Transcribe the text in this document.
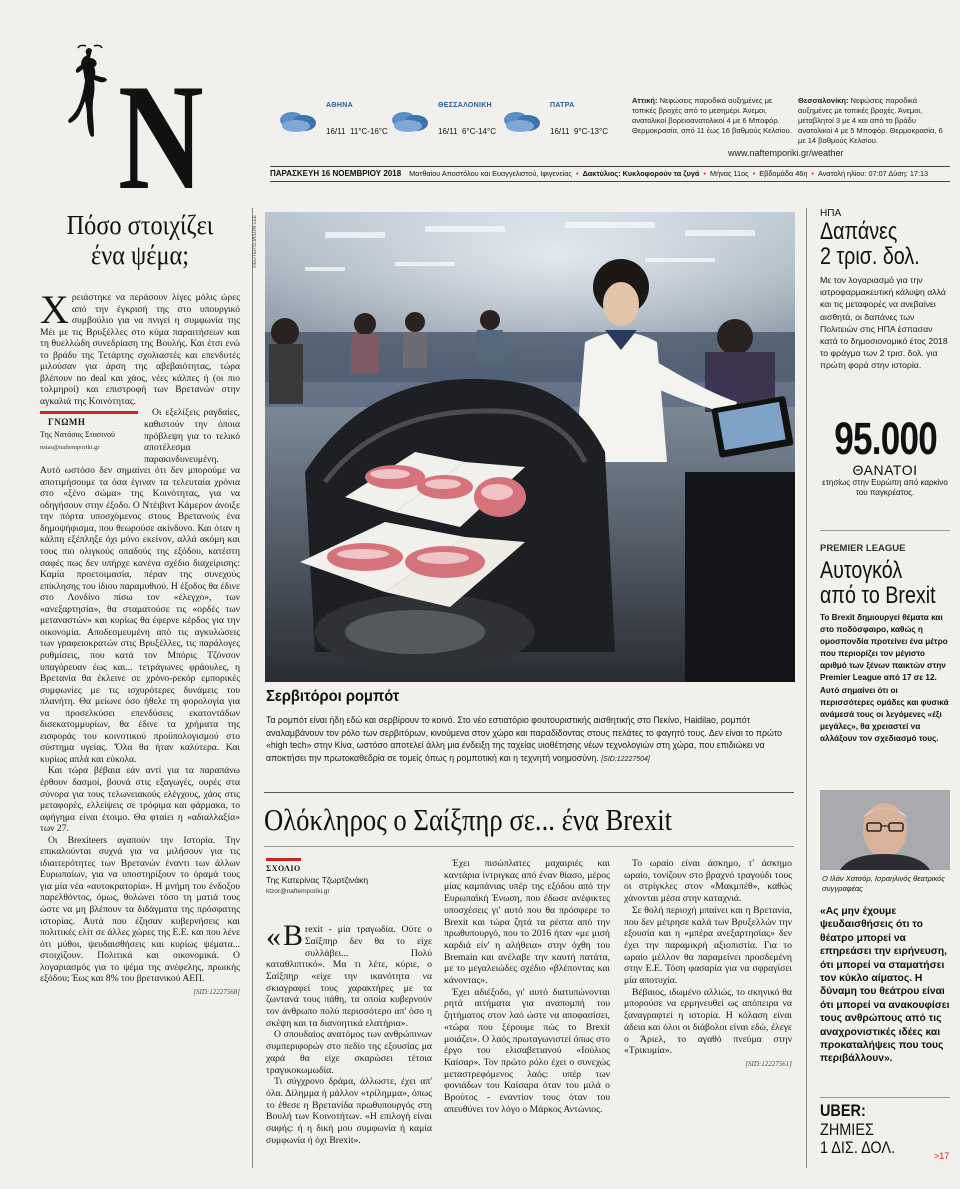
N	ΑΘΗΝΑ
16/11 11°C-16°C
ΘΕΣΣΑΛΟΝΙΚΗ
16/11 6°C-14°C
ΠΑΤΡΑ
16/11 9°C-13°C
Αττική: Νεφώσεις παροδικά αυξημένες με τοπικές βροχές από το μεσημέρι. Άνεμοι, ανατολικοί βορειοανατολικοί 4 με 6 Μποφόρ. Θερμοκρασία, από 11 έως 16 βαθμούς Κελσίου.
Θεσσαλονίκη: Νεφώσεις παροδικά αυξημένες με τοπικές βροχές. Άνεμοι, μεταβλητοί 3 με 4 και από το βράδυ ανατολικοί 4 με 5 Μποφόρ. Θερμοκρασία, 6 με 14 βαθμούς Κελσίου.
www.naftemporiki.gr/weather
ΠΑΡΑΣΚΕΥΗ 16 ΝΟΕΜΒΡΙΟΥ 2018 Ματθαίου Αποστόλου και Ευαγγελιστού, Ιφιγενείας • Δακτύλιος: Κυκλοφορούν τα ζυγά • Μήνας 11ος • Εβδομάδα 46η • Ανατολή ηλίου: 07:07 Δύση: 17:13
Πόσο στοιχίζει ένα ψέμα;
Χ ρειάστηκε να περάσουν λίγες μόλις ώρες από την έγκρισή της στο υπουργικό συμβούλιο για να πνιγεί η συμφωνία της Μέι με τις Βρυξέλλες στο κύμα παραιτήσεων και τη θυελλώδη συνεδρίαση της Βουλής. Και έτσι ενώ το βράδυ της Τετάρτης σχολιαστές και επενδυτές μιλούσαν για άρση της αβεβαιότητας, τώρα βλέπουν no deal και χάος, νέες κάλπες ή (οι πιο τολμηροί) και επιστροφή των Βρετανών στην αγκαλιά της Κοινότητας.

ΓΝΩΜΗ
Της Νατάσας Στασινού
nstas@naftemporiki.gr
Οι εξελίξεις ραγδαίες, καθιστούν την όποια πρόβλεψη για το τελικό αποτέλεσμα παρακινδυνευμένη. Αυτό ωστόσο δεν σημαίνει ότι δεν μπορούμε να αποτιμήσουμε τα όσα έγιναν τα τελευταία χρόνια στο «ξένο σώμα» της Κοινότητας, για να οδηγήσουν στην έξοδο. Ο Ντέιβιντ Κάμερον άνοιξε την πόρτα υποσχόμενος στους Βρετανούς ένα δημοψήφισμα, που θεωρούσε ακίνδυνο. Και όταν η κάλπη εξέπληξε όχι μόνο εκείνον, αλλά ακόμη και τους πιο ολιγκούς οπαδούς της εξόδου, κατέστη σαφές πως δεν υπήρχε κανένα σχέδιο διαχείρισης: Καμία προετοιμασία, πέραν της συνεχούς επίκλησης του ίδιου παραμυθιού. Η έξοδος θα έδινε στο Λονδίνο πίσω τον «έλεγχο», των «ανεξαρτησία», θα σταματούσε τις «ορδές των μεταναστών» και κυρίως θα έφερνε κέρδος για την οικονομία. Αποδεσμευμένη από τις αγκυλώσεις των γραφειοκρατών στις Βρυξέλλες, τις παράλογες ρυθμίσεις, που κατά τον Μπόρις Τζόνσον υπαγόρευαν έως και... τετράγωνες φράουλες, η Βρετανία θα έκλεινε σε χρόνο-ρεκόρ εμπορικές συμφωνίες με τις ισχυρότερες δυνάμεις του πλανήτη. Θα μείωνε όσο ήθελε τη φορολογία για να προσελκύσει επενδύσεις εκατοντάδων δισεκατομμυρίων, θα έδινε τα χρήματα της εισφοράς του κοινοτικού προϋπολογισμού στο σύστημα υγείας. 'Όλα θα ήταν καλύτερα. Και κυρίως απλά και εύκολα.

Και τώρα βέβαια εάν αντί για τα παραπάνω έρθουν δασμοί, βουνά στις εξαγωγές, ουρές στα σύνορα για τους τελωνειακούς ελέγχους, χάος στις μεταφορές, ελλείψεις σε τρόφιμα και φάρμακα, το αφήγημα είναι έτοιμο. Θα φταίει η «αδιαλλαξία» των 27.

Οι Brexiteers αγαπούν την Ιστορία. Την επικαλούνται συχνά για να μιλήσουν για τις ιδιαιτερότητες των Βρετανών έναντι των άλλων Ευρωπαίων, για να υποστηρίξουν το όραμά τους για μία νέα «αυτοκρατορία». Η μνήμη του ένδοξου παρελθόντος, όμως, θολώνει τόσο τη ματιά τους ώστε να μη βλέπουν τα διδάγματα της πρόσφατης ιστορίας. Αυτά που έζησαν κυβερνήσεις και πολιτικές ελίτ σε άλλες χώρες της Ε.Ε. και που λένε ότι μύθοι, ψευδαισθήσεις και κυρίως ψέματα... στοιχίζουν. Πολιτικά και οικονομικά. Ο λογαριασμός για το ψέμα της ανέφελης, πρωικής εξόδου; Έως και 8% του βρετανικού ΑΕΠ.

[SID:12227568]
REUTERS/JASON LEE
Σερβιτόροι ρομπότ
Τα ρομπότ είναι ήδη εδώ και σερβίρουν το κοινό. Στο νέο εστιατόριο φουτουριστικής αισθητικής στο Πεκίνο, Haidilao, ρομπότ αναλαμβάνουν τον ρόλο των σερβιτόρων, κινούμενα στον χώρο και παραδίδοντας στους πελάτες το φαγητό τους. Δεν είναι το πρώτο «high tech» στην Κίνα, ωστόσο αποτελεί άλλη μια ένδειξη της ταχείας υιοθέτησης νέων τεχνολογιών στη χώρα, που επιδιώκει να αποκτήσει την πρωτοκαθεδρία σε τομείς όπως η ρομποτική και η τεχνητή νοημοσύνη. [SID:12227504]
Ολόκληρος ο Σαίξπηρ σε... ένα Brexit
ΣΧΟΛΙΟ
Της Κατερίνας Τζωρτζινάκη
ktzor@naftemporiki.gr

« Β rexit - μία τραγωδία. Ούτε ο Σαίξπηρ δεν θα το είχε συλλάβει... Πολύ καταθλιπτικό». Μα τι λέτε, κύριε, ο Σαίξπηρ «είχε την ικανότητα να σκιαγραφεί τους χαρακτήρες με τα ζωντανά τους πάθη, τα οποία κυβερνούν τον άνθρωπο πολύ περισσότερο απ' όσο η σκέψη και τα διανοητικά ελατήρια».

Ο σπουδαίος ανατόμος των ανθρώπινων συμπεριφορών στο πεδίο της εξουσίας μα χαρά θα είχε σκαρώσει τέτοια τραγικοκωμωδία.

Τι σύγχρονο δράμα, άλλωστε, έχει απ' όλα. Δίλημμα ή μάλλον «τρίλημμα», όπως το έθεσε η Βρετανίδα πρωθυπουργός στη Βουλή των Κοινοτήτων. «Η επιλογή είναι σαφής: ή η δική μου συμφωνία ή καμία συμφωνία ή όχι Brexit».

Έχει πισώπλατες μαχαιριές και καντάρια ίντριγκας από έναν θίασο, μέρος μίας καμπάνιας υπέρ της εξόδου από την Ευρωπαϊκή Ένωση, που έδωσε ανέφικτες υποσχέσεις γι' αυτό που θα πρόσφερε το Brexit και τώρα ζητά τα ρέστα από την πρωθυπουργό, που το 2016 ήταν «με μισή καρδιά είν' η αλήθεια» στην όχθη του Bremain και ανέλαβε την καυτή πατάτα, με το μεγαλειώδες σχέδιο «βλέποντας και κάνοντας».

Έχει αδιέξοδο, γι' αυτό διατυπώνονται ρητά αιτήματα για αναπομπή του ζητήματος στον λαό ώστε να αποφασίσει, «τώρα που ξέρουμε πώς το Brexit μοιάζει». Ο λαός πρωταγωνιστεί όπως στο έργο του ελισαβετιανού «Ιούλιος Καίσαρ». Τον πρώτο ρόλο έχει ο συνεχώς μεταστρεφόμενος λαός: υπέρ των φονιάδων του Καίσαρα όταν του μιλά ο Βρούτος - εναντίον τους όταν του απευθύνει τον λόγο ο Μάρκος Αντώνιος.

Το ωραίο είναι άσκημο, τ' άσκημο ωραίο, τονίζουν στο βραχνό τραγούδι τους οι στρίγκλες στον «Μακμπέθ», καθώς χάνονται μέσα στην καταχνιά.

Σε θολή περιοχή μπαίνει και η Βρετανία, που δεν μέτρησε καλά των Βρυξελλών την εξουσία και η «μπέρα ανεξαρτησίας» δεν έχει την παραμικρή αξιοπιστία. Για το ωραίο μέλλον θα παραμείνει προσδεμένη στην Ε.Ε. Τόση φασαρία για να σφραγίσει μία αποτυχία.

Βέβαιος, ιδωμένο αλλιώς, το σκηνικό θα μπορούσε να ερμηνευθεί ως απόπειρα να ξαναγραφτεί η ιστορία. Η κόλαση είναι άδεια και όλοι οι διάβολοι είναι εδώ, έλεγε ο Άριελ, το αγαθό πνεύμα στην «Τρικυμία».

[SID:12227561]
ΗΠΑ
Δαπάνες
2 τρισ. δολ.
Με τον λογαριασμό για την ιατροφαρμακευτική κάλυψη αλλά και τις μεταφορές να ανεβαίνει αισθητά, οι δαπάνες των Πολιτειών στις ΗΠΑ έσπασαν κατά το δημοσιονομικό έτος 2018 το φράγμα των 2 τρισ. δολ. για πρώτη φορά στην ιστορία.
95.000
ΘΑΝΑΤΟΙ
ετησίως στην Ευρώπη από καρκίνο του παγκρέατος.
PREMIER LEAGUE
Αυτογκόλ
από το Brexit
Το Brexit δημιουργεί θέματα και στο ποδόσφαιρο, καθώς η ομοσπονδία προτείνει ένα μέτρο που περιορίζει τον μέγιστο αριθμό των ξένων παικτών στην Premier League από 17 σε 12. Αυτό σημαίνει ότι οι περισσότερες ομάδες και φυσικά ανάμεσά τους οι λεγόμενες «έξι μεγάλες», θα χρειαστεί να αλλάξουν τον σχεδιασμό τους.
Ο Ιλάν Χατσόρ, Ισραηλινός θεατρικός συγγραφέας
«Ας μην έχουμε ψευδαισθήσεις ότι το θέατρο μπορεί να επηρεάσει την ειρήνευση, ότι μπορεί να σταματήσει τον κύκλο αίματος. Η δύναμη του θεάτρου είναι ότι μπορεί να ανακουφίσει τους ανθρώπους από τις αναχρονιστικές ιδέες και προκαταλήψεις που τους περιβάλλουν».
UBER:
ΖΗΜΙΕΣ
1 ΔΙΣ. ΔΟΛ.	>17
